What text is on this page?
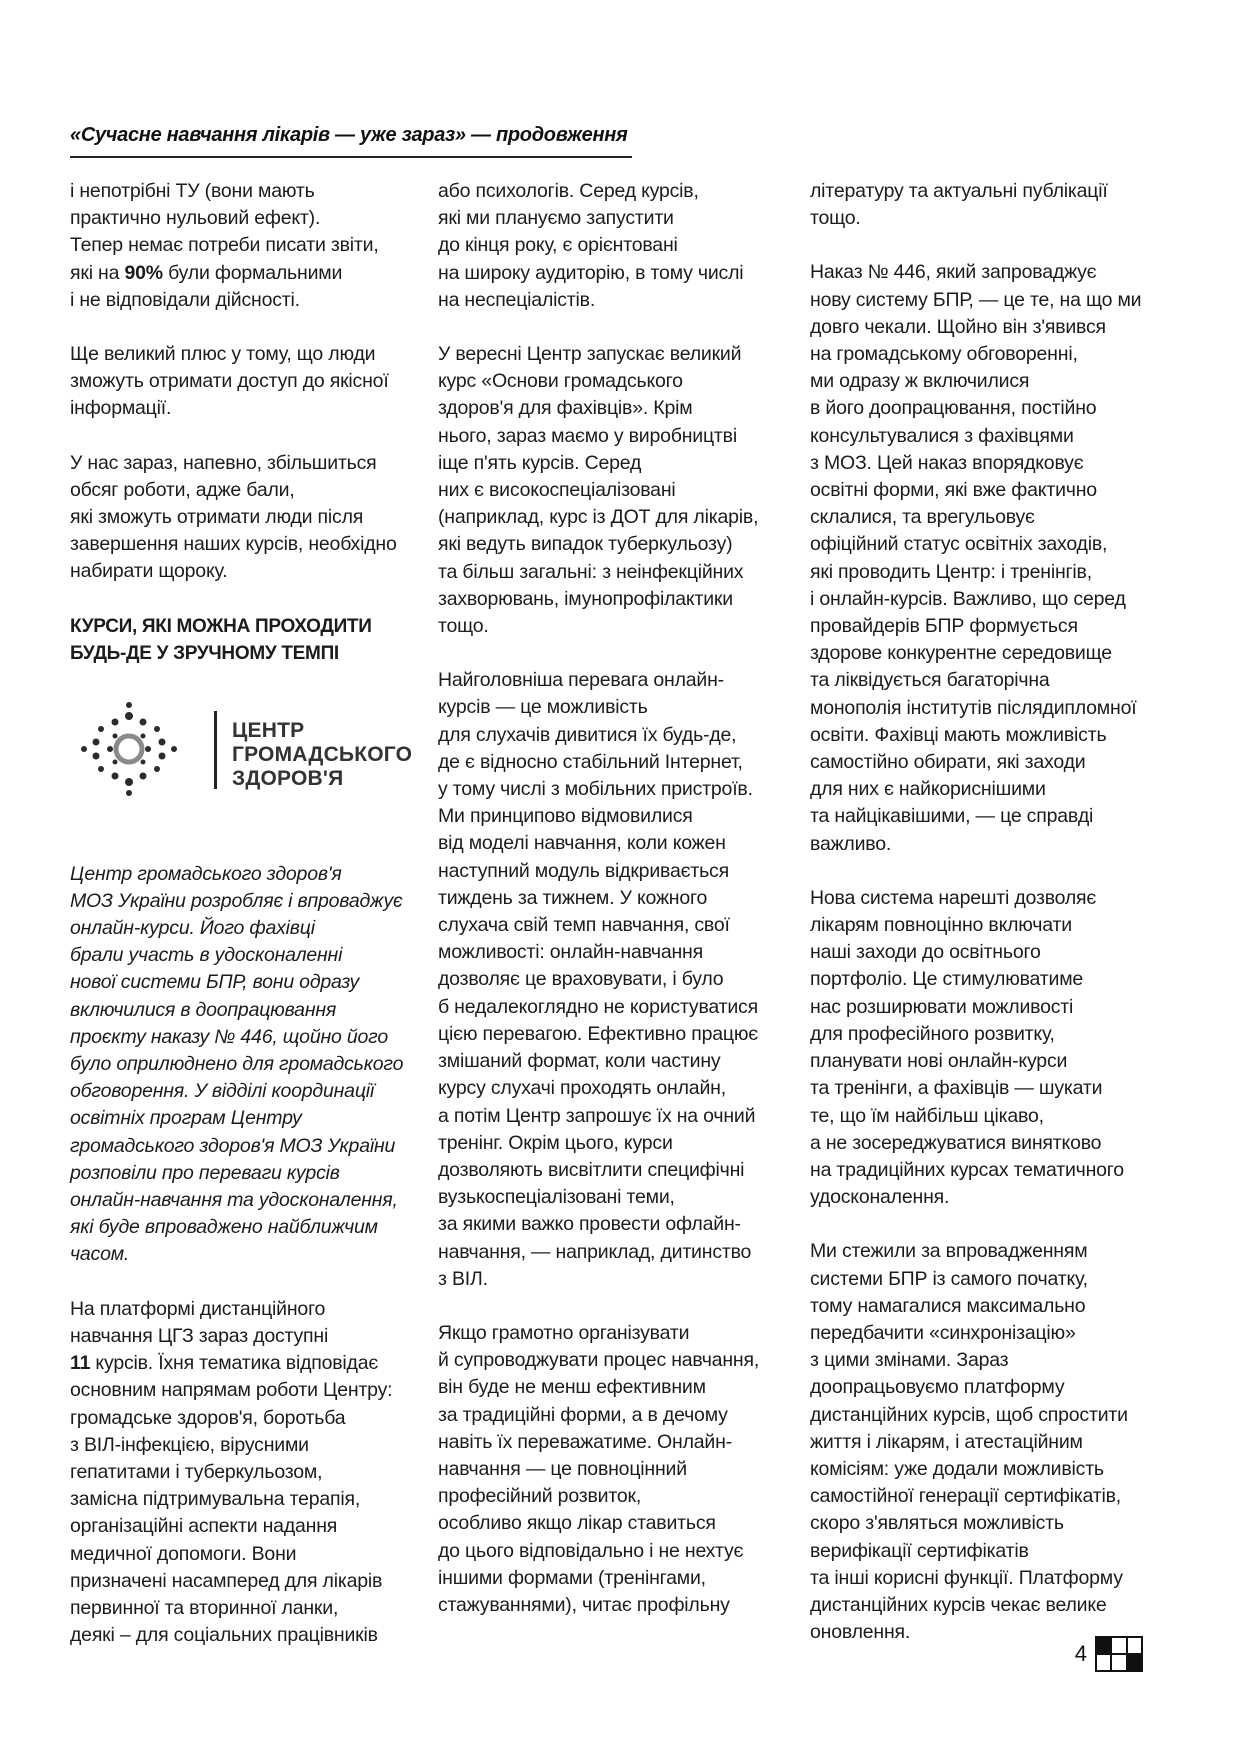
«Сучасне навчання лікарів — уже зараз» — продовження

і непотрібні ТУ (вони мають
практично нульовий ефект).
Тепер немає потреби писати звіти,
які на 90% були формальними
і не відповідали дійсності.

Ще великий плюс у тому, що люди
зможуть отримати доступ до якісної
інформації.

У нас зараз, напевно, збільшиться
обсяг роботи, адже бали,
які зможуть отримати люди після
завершення наших курсів, необхідно
набирати щороку.

КУРСИ, ЯКІ МОЖНА ПРОХОДИТИ
БУДЬ-ДЕ У ЗРУЧНОМУ ТЕМПІ
ЦЕНТР
ГРОМАДСЬКОГО
ЗДОРОВ'Я

Центр громадського здоров'я
МОЗ України розробляє і впроваджує
онлайн-курси. Його фахівці
брали участь в удосконаленні
нової системи БПР, вони одразу
включилися в доопрацювання
проєкту наказу № 446, щойно його
було оприлюднено для громадського
обговорення. У відділі координації
освітніх програм Центру
громадського здоров'я МОЗ України
розповіли про переваги курсів
онлайн-навчання та удосконалення,
які буде впроваджено найближчим
часом.

На платформі дистанційного
навчання ЦГЗ зараз доступні
11 курсів. Їхня тематика відповідає
основним напрямам роботи Центру:
громадське здоров'я, боротьба
з ВІЛ-інфекцією, вірусними
гепатитами і туберкульозом,
замісна підтримувальна терапія,
організаційні аспекти надання
медичної допомоги. Вони
призначені насамперед для лікарів
первинної та вторинної ланки,
деякі – для соціальних працівників

або психологів. Серед курсів,
які ми плануємо запустити
до кінця року, є орієнтовані
на широку аудиторію, в тому числі
на неспеціалістів.

У вересні Центр запускає великий
курс «Основи громадського
здоров'я для фахівців». Крім
нього, зараз маємо у виробництві
іще п'ять курсів. Серед
них є високоспеціалізовані
(наприклад, курс із ДОТ для лікарів,
які ведуть випадок туберкульозу)
та більш загальні: з неінфекційних
захворювань, імунопрофілактики
тощо.

Найголовніша перевага онлайн-
курсів — це можливість
для слухачів дивитися їх будь-де,
де є відносно стабільний Інтернет,
у тому числі з мобільних пристроїв.
Ми принципово відмовилися
від моделі навчання, коли кожен
наступний модуль відкривається
тиждень за тижнем. У кожного
слухача свій темп навчання, свої
можливості: онлайн-навчання
дозволяє це враховувати, і було
б недалекоглядно не користуватися
цією перевагою. Ефективно працює
змішаний формат, коли частину
курсу слухачі проходять онлайн,
а потім Центр запрошує їх на очний
тренінг. Окрім цього, курси
дозволяють висвітлити специфічні
вузькоспеціалізовані теми,
за якими важко провести офлайн-
навчання, — наприклад, дитинство
з ВІЛ.

Якщо грамотно організувати
й супроводжувати процес навчання,
він буде не менш ефективним
за традиційні форми, а в дечому
навіть їх переважатиме. Онлайн-
навчання — це повноцінний
професійний розвиток,
особливо якщо лікар ставиться
до цього відповідально і не нехтує
іншими формами (тренінгами,
стажуваннями), читає профільну

літературу та актуальні публікації
тощо.

Наказ № 446, який запроваджує
нову систему БПР, — це те, на що ми
довго чекали. Щойно він з'явився
на громадському обговоренні,
ми одразу ж включилися
в його доопрацювання, постійно
консультувалися з фахівцями
з МОЗ. Цей наказ впорядковує
освітні форми, які вже фактично
склалися, та врегульовує
офіційний статус освітніх заходів,
які проводить Центр: і тренінгів,
і онлайн-курсів. Важливо, що серед
провайдерів БПР формується
здорове конкурентне середовище
та ліквідується багаторічна
монополія інститутів післядипломної
освіти. Фахівці мають можливість
самостійно обирати, які заходи
для них є найкориснішими
та найцікавішими, — це справді
важливо.

Нова система нарешті дозволяє
лікарям повноцінно включати
наші заходи до освітнього
портфоліо. Це стимулюватиме
нас розширювати можливості
для професійного розвитку,
планувати нові онлайн-курси
та тренінги, а фахівців — шукати
те, що їм найбільш цікаво,
а не зосереджуватися винятково
на традиційних курсах тематичного
удосконалення.

Ми стежили за впровадженням
системи БПР із самого початку,
тому намагалися максимально
передбачити «синхронізацію»
з цими змінами. Зараз
доопрацьовуємо платформу
дистанційних курсів, щоб спростити
життя і лікарям, і атестаційним
комісіям: уже додали можливість
самостійної генерації сертифікатів,
скоро з'являться можливість
верифікації сертифікатів
та інші корисні функції. Платформу
дистанційних курсів чекає велике
оновлення.

4
